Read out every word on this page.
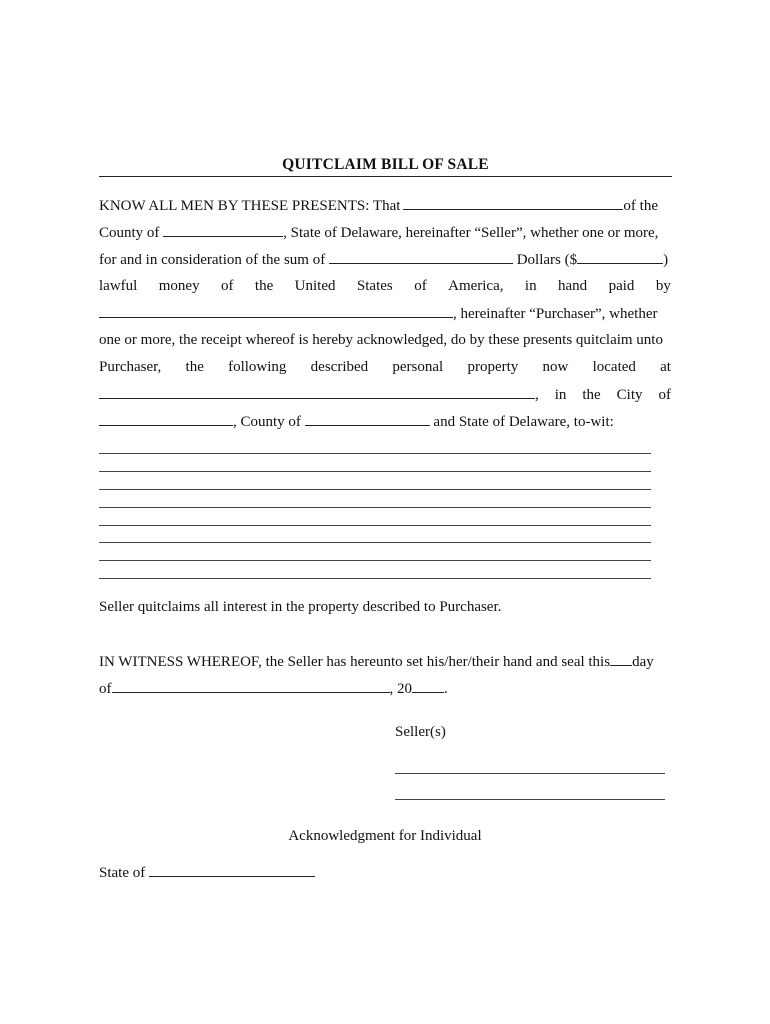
QUITCLAIM BILL OF SALE
KNOW ALL MEN BY THESE PRESENTS: That	of the
County of	, State of Delaware, hereinafter “Seller”, whether one or more,
for and in consideration of the sum of	Dollars ($	)
lawful money of the United States of America, in hand paid by
, hereinafter “Purchaser”, whether
one or more, the receipt whereof is hereby acknowledged, do by these presents quitclaim unto
Purchaser, the following described personal property now located at
, in the City of
, County of	and State of Delaware, to-wit:
Seller quitclaims all interest in the property described to Purchaser.
IN WITNESS WHEREOF, the Seller has hereunto set his/her/their hand and seal this day
of	, 20 .
Seller(s)
Acknowledgment for Individual
State of
